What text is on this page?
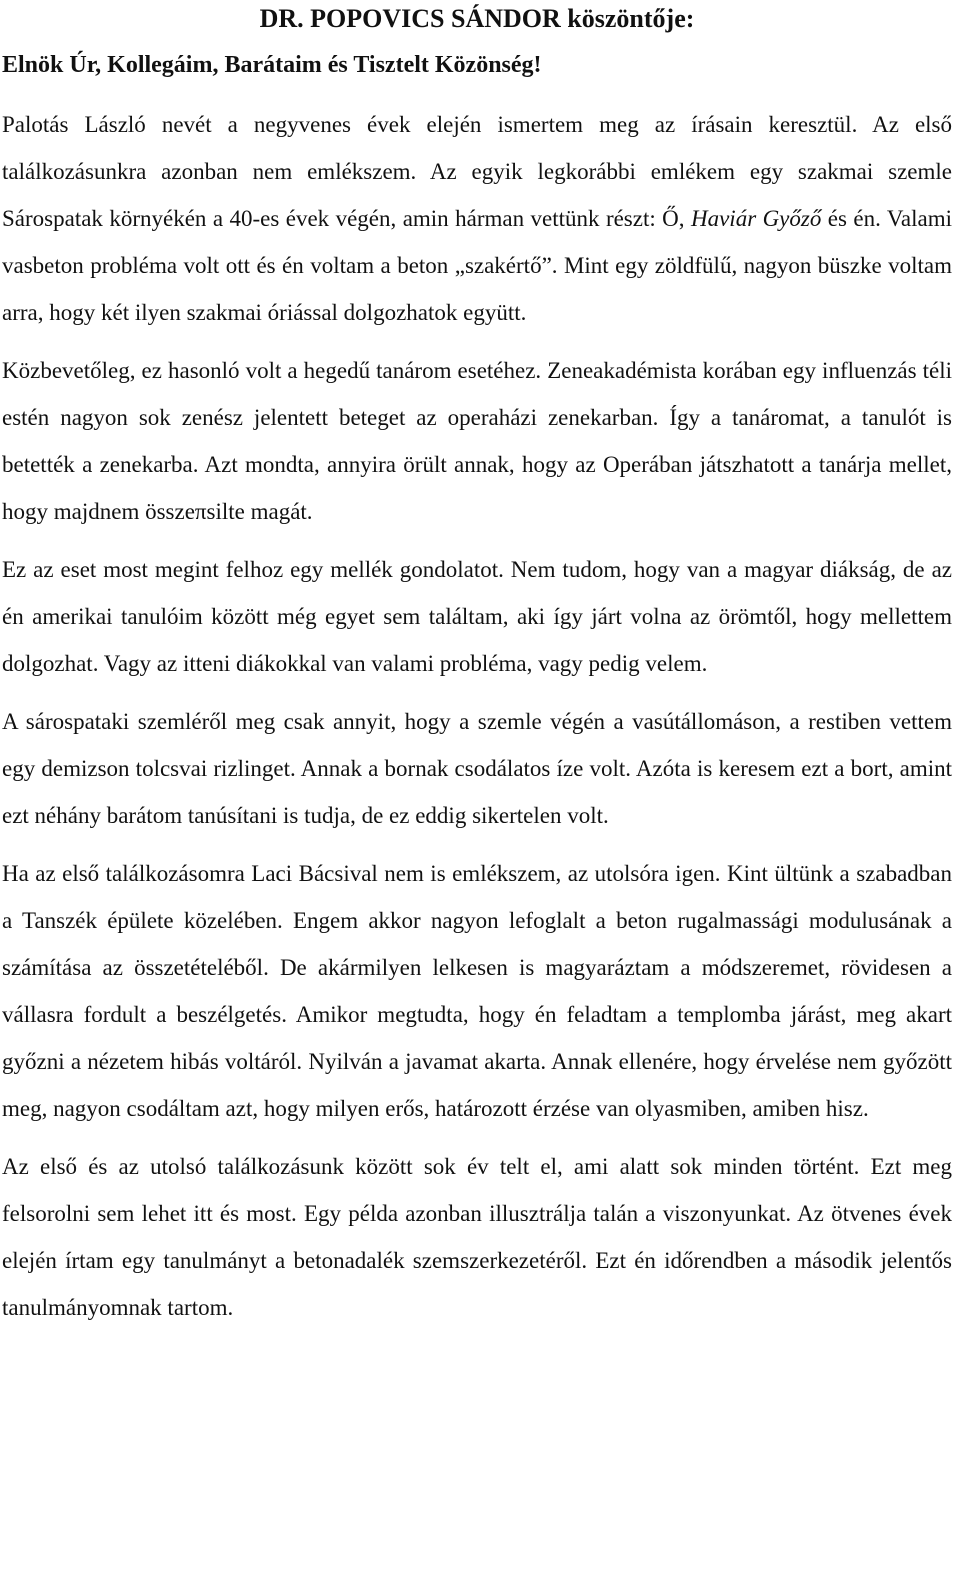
DR. POPOVICS SÁNDOR köszöntője:

Elnök Úr, Kollegáim, Barátaim és Tisztelt Közönség!

Palotás László nevét a negyvenes évek elején ismertem meg az írásain keresztül. Az első találkozásunkra azonban nem emlékszem. Az egyik legkorábbi emlékem egy szakmai szemle Sárospatak környékén a 40-es évek végén, amin hárman vettünk részt: Ő, Haviár Győző és én. Valami vasbeton probléma volt ott és én voltam a beton „szakértő”. Mint egy zöldfülű, nagyon büszke voltam arra, hogy két ilyen szakmai óriással dolgozhatok együtt.

Közbevetőleg, ez hasonló volt a hegedű tanárom esetéhez. Zeneakadémista korában egy influenzás téli estén nagyon sok zenész jelentett beteget az operaházi zenekarban. Így a tanáromat, a tanulót is betették a zenekarba. Azt mondta, annyira örült annak, hogy az Operában játszhatott a tanárja mellet, hogy majdnem összeπsilte magát.

Ez az eset most megint felhoz egy mellék gondolatot. Nem tudom, hogy van a magyar diákság, de az én amerikai tanulóim között még egyet sem találtam, aki így járt volna az örömtől, hogy mellettem dolgozhat. Vagy az itteni diákokkal van valami probléma, vagy pedig velem.

A sárospataki szemléről meg csak annyit, hogy a szemle végén a vasútállomáson, a restiben vettem egy demizson tolcsvai rizlinget. Annak a bornak csodálatos íze volt. Azóta is keresem ezt a bort, amint ezt néhány barátom tanúsítani is tudja, de ez eddig sikertelen volt.

Ha az első találkozásomra Laci Bácsival nem is emlékszem, az utolsóra igen. Kint ültünk a szabadban a Tanszék épülete közelében. Engem akkor nagyon lefoglalt a beton rugalmassági modulusának a számítása az összetételéből. De akármilyen lelkesen is magyaráztam a módszeremet, rövidesen a vállasra fordult a beszélgetés. Amikor megtudta, hogy én feladtam a templomba járást, meg akart győzni a nézetem hibás voltáról. Nyilván a javamat akarta. Annak ellenére, hogy érvelése nem győzött meg, nagyon csodáltam azt, hogy milyen erős, határozott érzése van olyasmiben, amiben hisz.

Az első és az utolsó találkozásunk között sok év telt el, ami alatt sok minden történt. Ezt meg felsorolni sem lehet itt és most. Egy példa azonban illusztrálja talán a viszonyunkat. Az ötvenes évek elején írtam egy tanulmányt a betonadalék szemszerkezetéről. Ezt én időrendben a második jelentős tanulmányomnak tartom.
